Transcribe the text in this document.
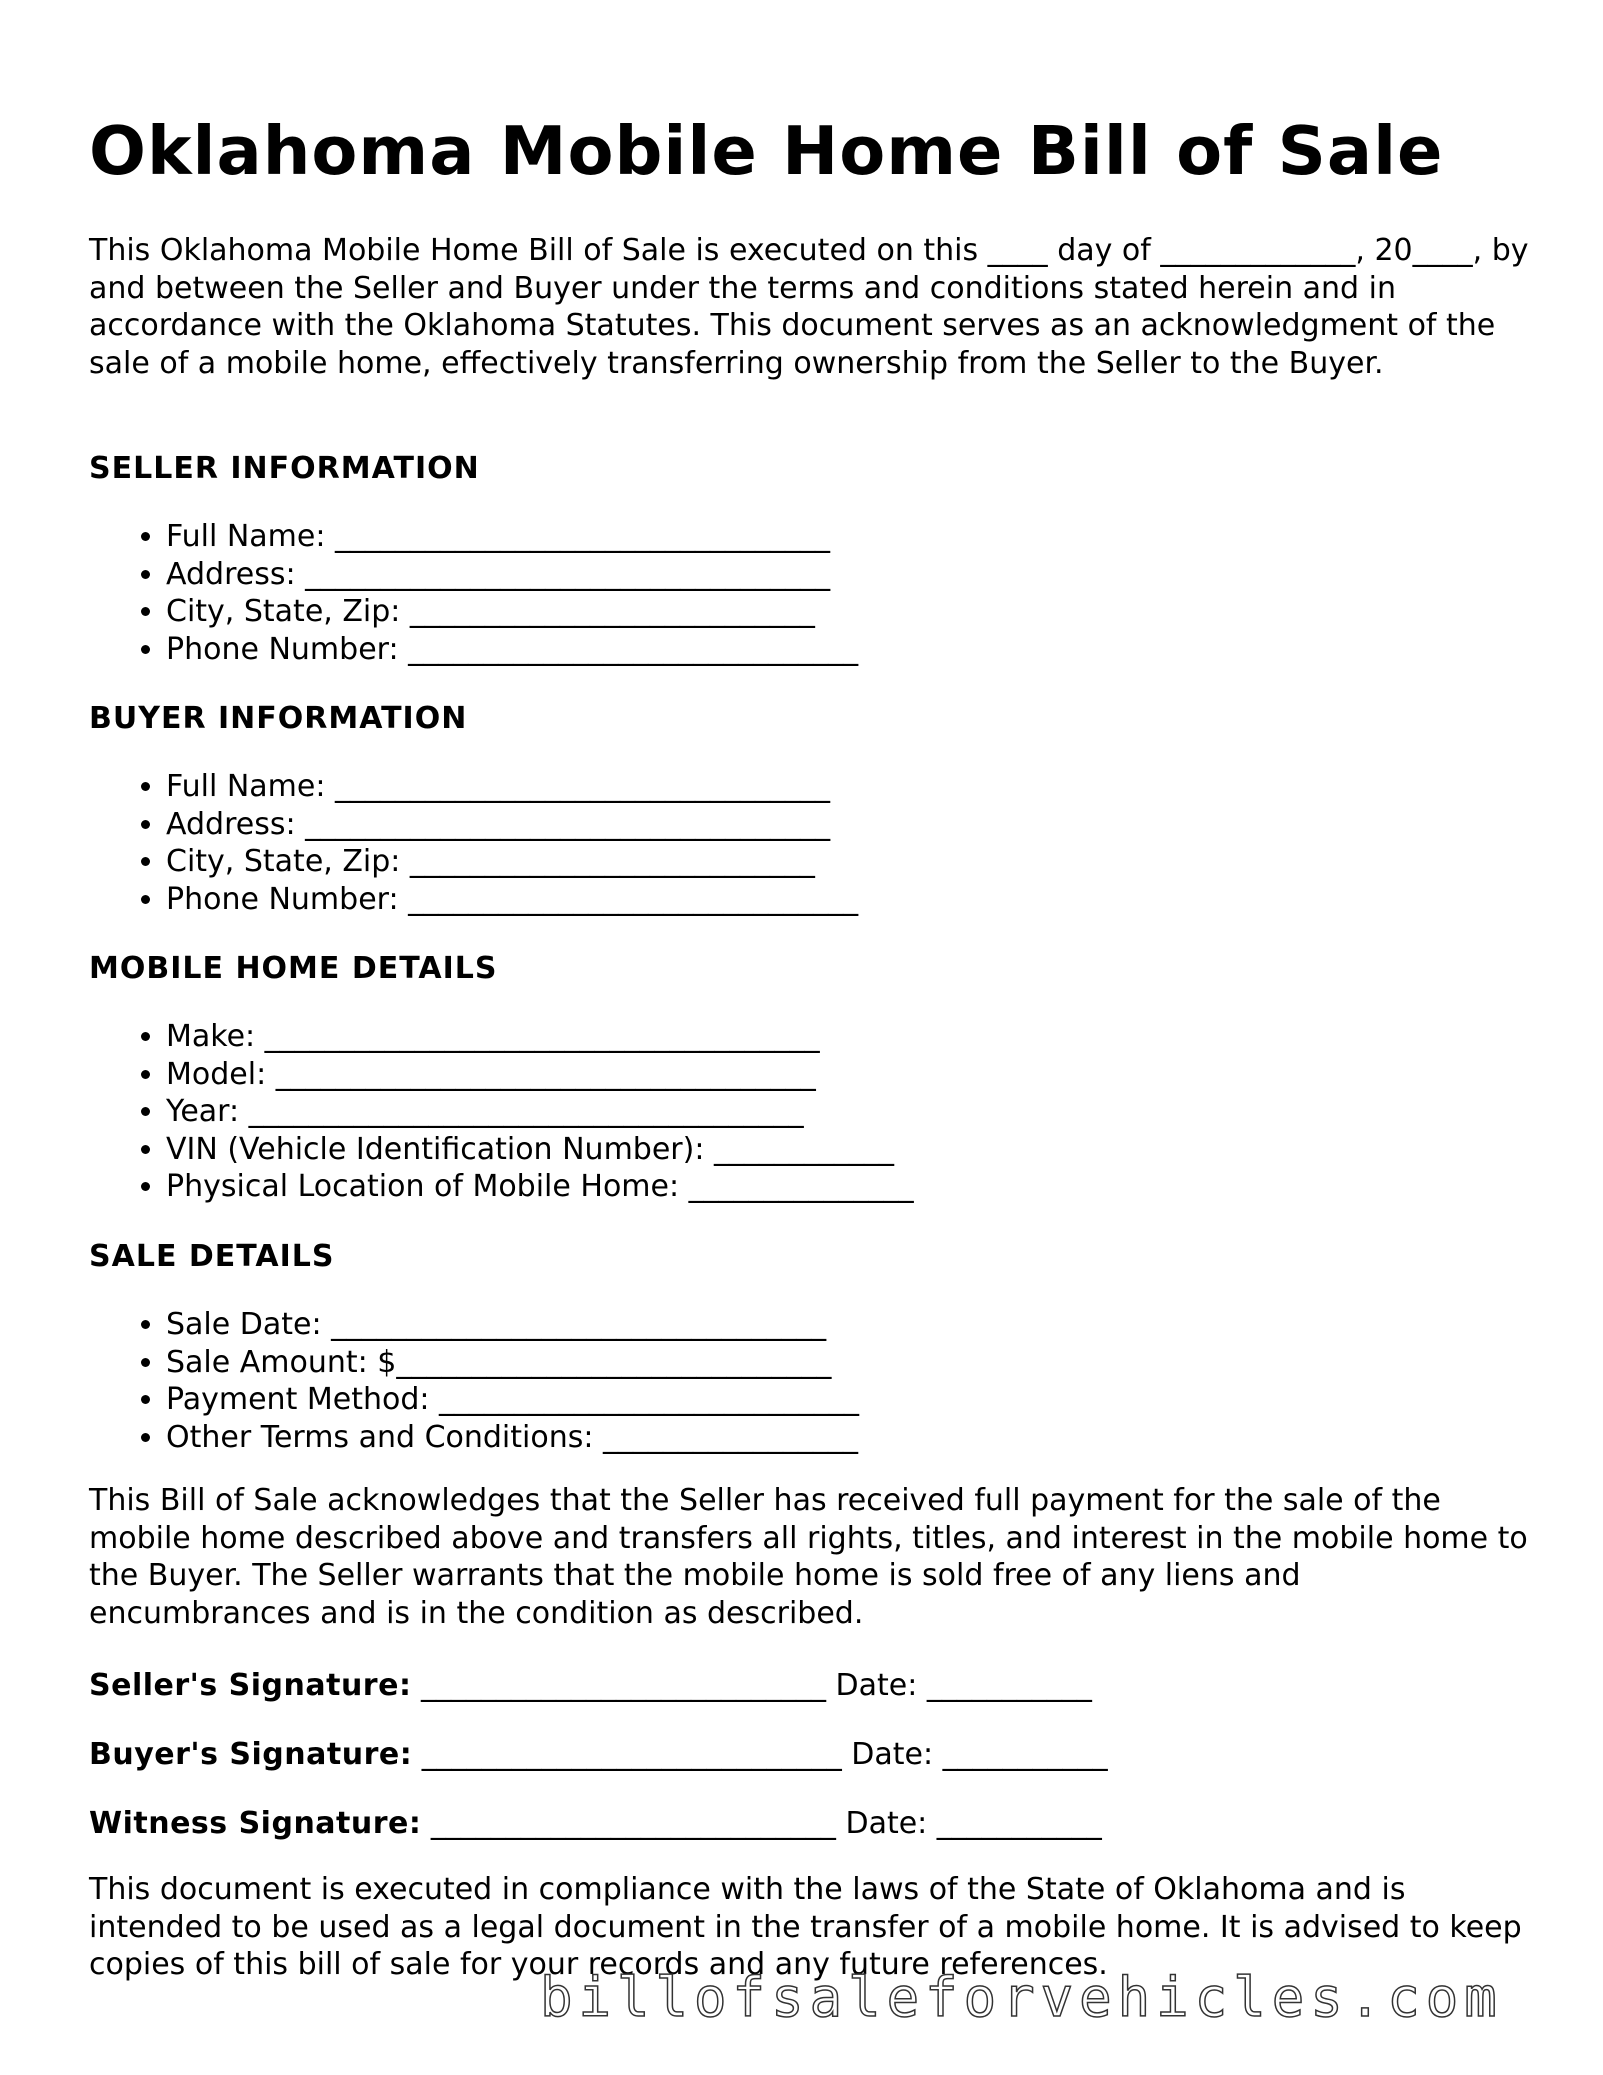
Oklahoma Mobile Home Bill of Sale
This Oklahoma Mobile Home Bill of Sale is executed on this ____ day of _____________, 20____, by and between the Seller and Buyer under the terms and conditions stated herein and in accordance with the Oklahoma Statutes. This document serves as an acknowledgment of the sale of a mobile home, effectively transferring ownership from the Seller to the Buyer.
SELLER INFORMATION
• Full Name: _________________________________
• Address: ___________________________________
• City, State, Zip: ___________________________
• Phone Number: ______________________________
BUYER INFORMATION
• Full Name: _________________________________
• Address: ___________________________________
• City, State, Zip: ___________________________
• Phone Number: ______________________________
MOBILE HOME DETAILS
• Make: _____________________________________
• Model: ____________________________________
• Year: _____________________________________
• VIN (Vehicle Identification Number): ____________
• Physical Location of Mobile Home: _______________
SALE DETAILS
• Sale Date: _________________________________
• Sale Amount: $_____________________________
• Payment Method: ____________________________
• Other Terms and Conditions: _________________
This Bill of Sale acknowledges that the Seller has received full payment for the sale of the mobile home described above and transfers all rights, titles, and interest in the mobile home to the Buyer. The Seller warrants that the mobile home is sold free of any liens and encumbrances and is in the condition as described.
Seller's Signature: ___________________________ Date: ___________
Buyer's Signature: ____________________________ Date: ___________
Witness Signature: ___________________________ Date: ___________
This document is executed in compliance with the laws of the State of Oklahoma and is intended to be used as a legal document in the transfer of a mobile home. It is advised to keep copies of this bill of sale for your records and any future references.
billofsaleforvehicles.com
